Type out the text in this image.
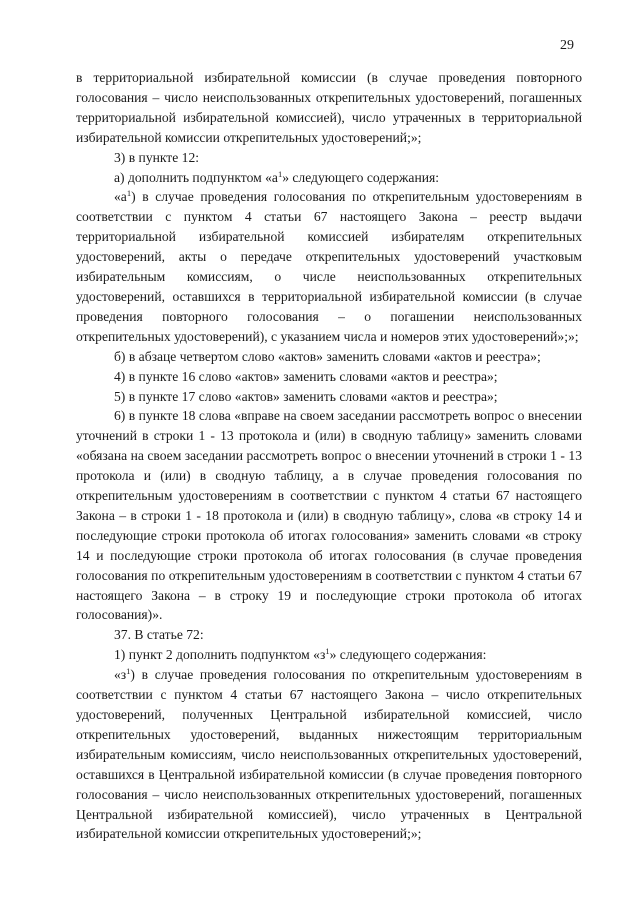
29

в территориальной избирательной комиссии (в случае проведения повторного голосования – число неиспользованных открепительных удостоверений, погашенных территориальной избирательной комиссией), число утраченных в территориальной избирательной комиссии открепительных удостоверений;»;

3) в пункте 12:

а) дополнить подпунктом «$а^1$» следующего содержания:

«$а^1$) в случае проведения голосования по открепительным удостоверениям в соответствии с пунктом 4 статьи 67 настоящего Закона – реестр выдачи территориальной избирательной комиссией избирателям открепительных удостоверений, акты о передаче открепительных удостоверений участковым избирательным комиссиям, о числе неиспользованных открепительных удостоверений, оставшихся в территориальной избирательной комиссии (в случае проведения повторного голосования – о погашении неиспользованных открепительных удостоверений), с указанием числа и номеров этих удостоверений»;»;

б) в абзаце четвертом слово «актов» заменить словами «актов и реестра»;

4) в пункте 16 слово «актов» заменить словами «актов и реестра»;

5) в пункте 17 слово «актов» заменить словами «актов и реестра»;

6) в пункте 18 слова «вправе на своем заседании рассмотреть вопрос о внесении уточнений в строки 1 - 13 протокола и (или) в сводную таблицу» заменить словами «обязана на своем заседании рассмотреть вопрос о внесении уточнений в строки 1 - 13 протокола и (или) в сводную таблицу, а в случае проведения голосования по открепительным удостоверениям в соответствии с пунктом 4 статьи 67 настоящего Закона – в строки 1 - 18 протокола и (или) в сводную таблицу», слова «в строку 14 и последующие строки протокола об итогах голосования» заменить словами «в строку 14 и последующие строки протокола об итогах голосования (в случае проведения голосования по открепительным удостоверениям в соответствии с пунктом 4 статьи 67 настоящего Закона – в строку 19 и последующие строки протокола об итогах голосования)».

37. В статье 72:

1) пункт 2 дополнить подпунктом «$з^1$» следующего содержания:

«$з^1$) в случае проведения голосования по открепительным удостоверениям в соответствии с пунктом 4 статьи 67 настоящего Закона – число открепительных удостоверений, полученных Центральной избирательной комиссией, число открепительных удостоверений, выданных нижестоящим территориальным избирательным комиссиям, число неиспользованных открепительных удостоверений, оставшихся в Центральной избирательной комиссии (в случае проведения повторного голосования – число неиспользованных открепительных удостоверений, погашенных Центральной избирательной комиссией), число утраченных в Центральной избирательной комиссии открепительных удостоверений;»;
